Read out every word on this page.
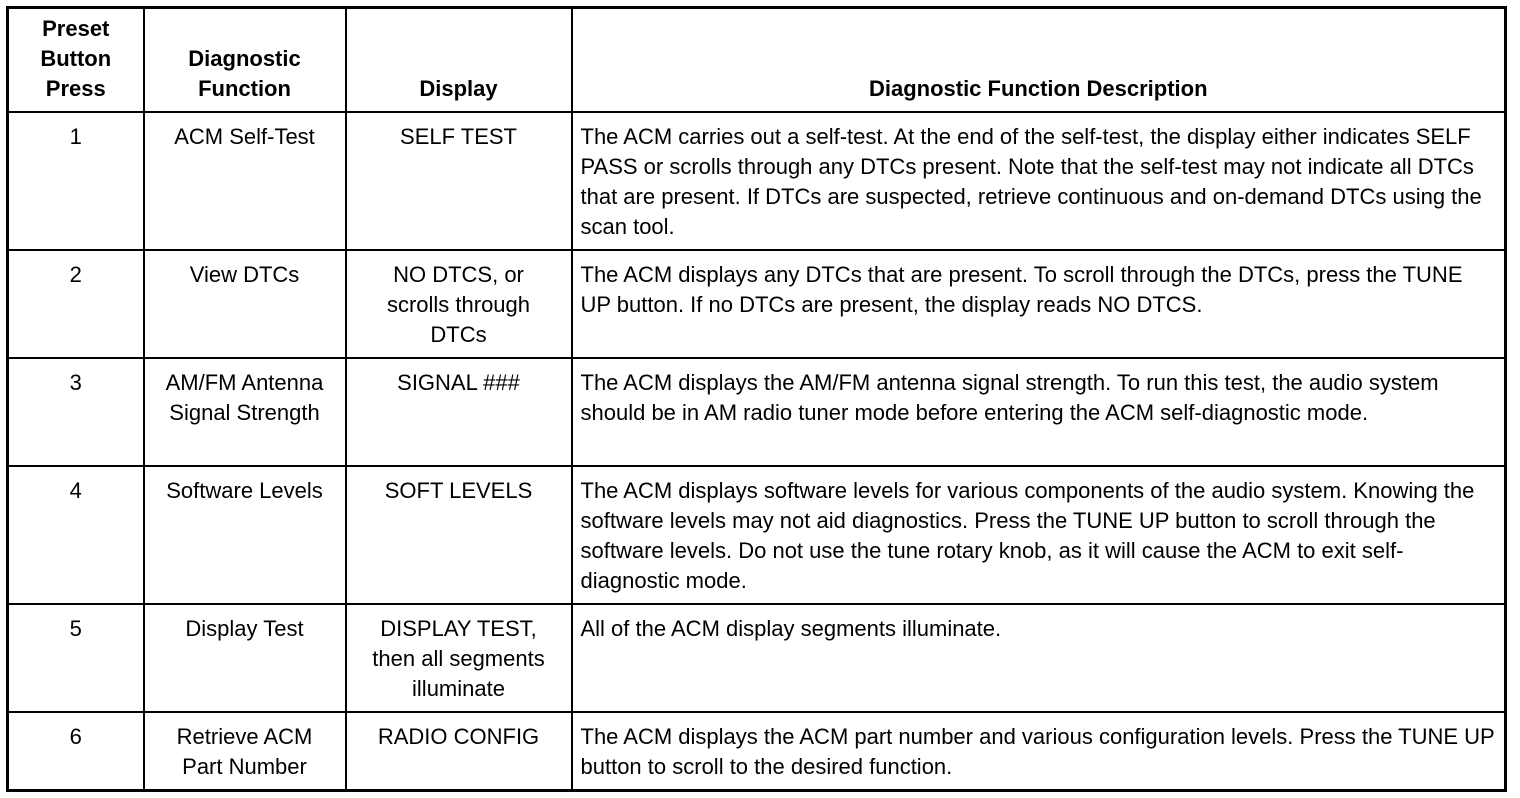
Preset
Button
Press	Diagnostic
Function	Display	Diagnostic Function Description

1	ACM Self-Test	SELF TEST	The ACM carries out a self-test. At the end of the self-test, the display either indicates SELF PASS or scrolls through any DTCs present. Note that the self-test may not indicate all DTCs that are present. If DTCs are suspected, retrieve continuous and on-demand DTCs using the scan tool.
2	View DTCs	NO DTCS, or
scrolls through
DTCs	The ACM displays any DTCs that are present. To scroll through the DTCs, press the TUNE UP button. If no DTCs are present, the display reads NO DTCS.
3	AM/FM Antenna
Signal Strength	SIGNAL ###	The ACM displays the AM/FM antenna signal strength. To run this test, the audio system should be in AM radio tuner mode before entering the ACM self-diagnostic mode.
4	Software Levels	SOFT LEVELS	The ACM displays software levels for various components of the audio system. Knowing the software levels may not aid diagnostics. Press the TUNE UP button to scroll through the software levels. Do not use the tune rotary knob, as it will cause the ACM to exit self-diagnostic mode.
5	Display Test	DISPLAY TEST,
then all segments
illuminate	All of the ACM display segments illuminate.
6	Retrieve ACM
Part Number	RADIO CONFIG	The ACM displays the ACM part number and various configuration levels. Press the TUNE UP button to scroll to the desired function.
